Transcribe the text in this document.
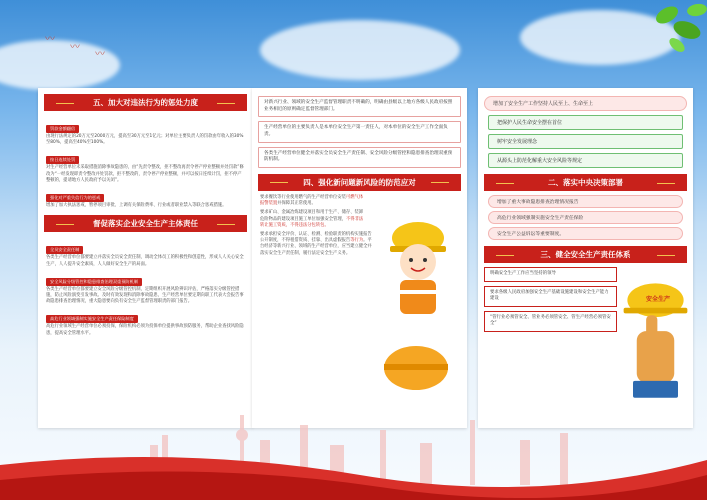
〰
〰
〰
五、加大对违法行为的惩处力度
罚款金额翻倍

由现行法规定的20万元至2000万元，提高至30万元至1亿元；对单位主要负责人的罚款由年收入的30%至80%，提高至40%至100%。

按日连续处罚

对生产经营单位未采取措施消除事故隐患的，由“先责令整改，拒不整改再责令停产停业整顿并处罚款”修改为“一经发现即责令整改并处罚款，拒不整改的，责令停产停业整顿，并可以按日连续计罚，拒不停产整顿的，提请地方人民政府予以关闭”。

强化对严重失信行为的惩戒

增加了加大执法惩戒、暂停项目审批、上调有关保险费率、行业或者职业禁入等联合惩戒措施。

督促落实企业安全生产主体责任
全员安全责任制

各类生产经营单位都要建立并落实全员安全责任制，调动全体员工的积极性和创造性，形成人人关心安全生产，人人提升安全素质，人人做好安全生产的局面。

安全风险分级管控和隐患排查治理双重预防机制

各类生产经营单位都要建立安全风险分级管控机制，定期组织开展风险辨识评估，严格落实分级管控措施，防止风险演变引发事故。及时有效发现和消除事故隐患，生产经营单位要定期向职工代表大会报告事故隐患排查治理情况，重大隐患要向负有安全生产监督管理职责的部门报告。

高危行业领域强制实施安全生产责任保险制度

高危行业领域生产经营单位必须投保，保险机构必须为投保单位提供事故预防服务，帮助企业查找风险隐患，提高安全管理水平。

对新兴行业、领域的安全生产监督管理职责不明确的，明确由县级以上地方各级人民政府按照业务相近的原则确定监督管理部门。
生产经营单位的主要负责人是本单位安全生产第一责任人，对本单位的安全生产工作全面负责。
各类生产经营单位健全并落实全员安全生产责任制、安全风险分级管控和隐患排查治理双重预防机制。
四、强化新问题新风险的防范应对

要求餐饮等行业使用燃气的生产经营单位安装可燃气体报警装置并保障其正常使用。

要求矿山、金属冶炼建设项目和用于生产、储存、装卸危险物品的建设项目施工单位加强安全管理，不得非法转让施工资质，不得违法分包转包。

要求承担安全评价、认证、检测、检验职责的机构实施报告公开制度，不得租借资质、挂靠、出具虚假报告等行为。平台经济等新兴行业、领域的生产经营单位，应当建立健全并落实安全生产责任制，履行法定安全生产义务。

增加了安全生产工作坚持人民至上、生命至上
把保护人民生命安全摆在首位
树牢安全发展理念
从源头上防范化解重大安全风险等规定
二、落实中央决策部署
增加了重大事故隐患排查治理情况报告
高危行业领域强制实施安全生产责任保险
安全生产公益诉讼等重要制度。
三、健全安全生产责任体系
明确安全生产工作应当坚持的领导
要求各级人民政府加强安全生产基础设施建设和安全生产能力建设
“管行业必须管安全、管业务必须管安全、管生产经营必须管安全”
安全生产
